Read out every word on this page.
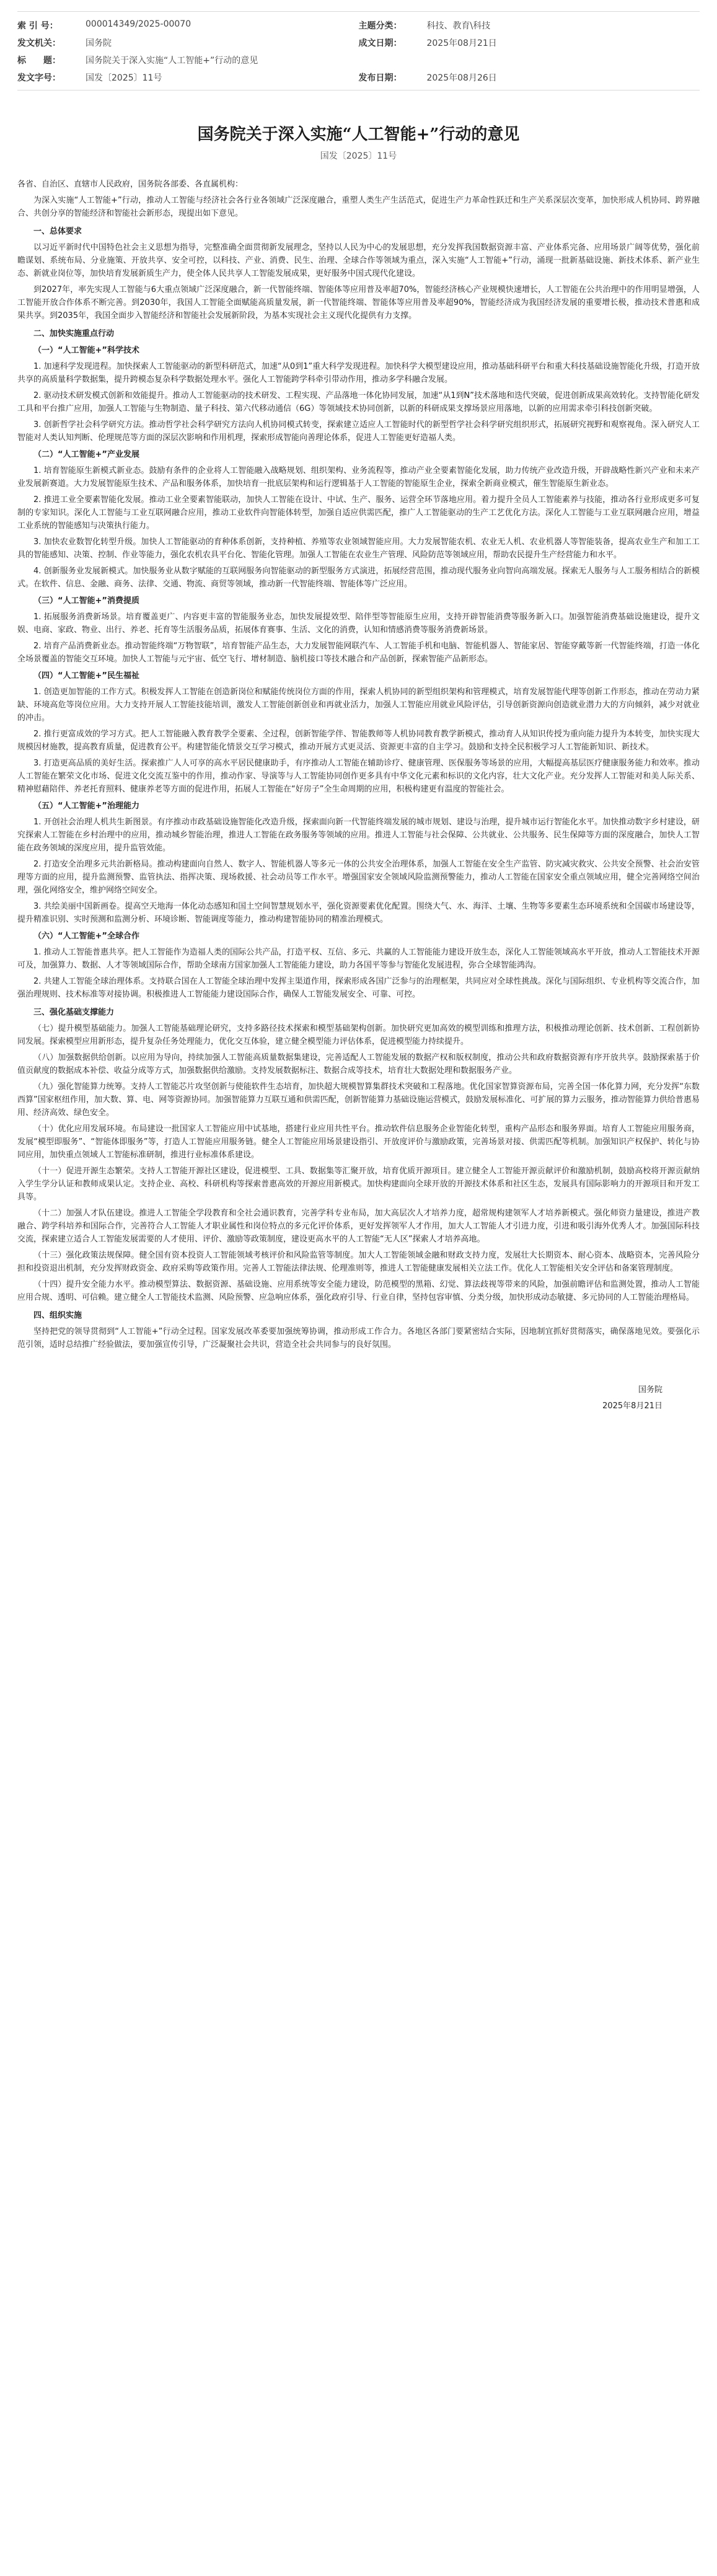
索 引 号：	000014349/2025-00070	主题分类：	科技、教育\科技
发文机关：	国务院	成文日期：	2025年08月21日
标　　题：	国务院关于深入实施“人工智能+”行动的意见
发文字号：	国发〔2025〕11号	发布日期：	2025年08月26日
国务院关于深入实施“人工智能+”行动的意见
国发〔2025〕11号

各省、自治区、直辖市人民政府，国务院各部委、各直属机构：

为深入实施“人工智能+”行动，推动人工智能与经济社会各行业各领域广泛深度融合，重塑人类生产生活范式，促进生产力革命性跃迁和生产关系深层次变革，加快形成人机协同、跨界融合、共创分享的智能经济和智能社会新形态，现提出如下意见。

一、总体要求

以习近平新时代中国特色社会主义思想为指导，完整准确全面贯彻新发展理念，坚持以人民为中心的发展思想，充分发挥我国数据资源丰富、产业体系完备、应用场景广阔等优势，强化前瞻谋划、系统布局、分业施策、开放共享、安全可控，以科技、产业、消费、民生、治理、全球合作等领域为重点，深入实施“人工智能+”行动，涌现一批新基础设施、新技术体系、新产业生态、新就业岗位等，加快培育发展新质生产力，使全体人民共享人工智能发展成果，更好服务中国式现代化建设。

到2027年，率先实现人工智能与6大重点领域广泛深度融合，新一代智能终端、智能体等应用普及率超70%，智能经济核心产业规模快速增长，人工智能在公共治理中的作用明显增强，人工智能开放合作体系不断完善。到2030年，我国人工智能全面赋能高质量发展，新一代智能终端、智能体等应用普及率超90%，智能经济成为我国经济发展的重要增长极，推动技术普惠和成果共享。到2035年，我国全面步入智能经济和智能社会发展新阶段，为基本实现社会主义现代化提供有力支撑。

二、加快实施重点行动

（一）“人工智能+”科学技术

1. 加速科学发现进程。加快探索人工智能驱动的新型科研范式，加速“从0到1”重大科学发现进程。加快科学大模型建设应用，推动基础科研平台和重大科技基础设施智能化升级，打造开放共享的高质量科学数据集，提升跨模态复杂科学数据处理水平。强化人工智能跨学科牵引带动作用，推动多学科融合发展。

2. 驱动技术研发模式创新和效能提升。推动人工智能驱动的技术研发、工程实现、产品落地一体化协同发展，加速“从1到N”技术落地和迭代突破，促进创新成果高效转化。支持智能化研发工具和平台推广应用，加强人工智能与生物制造、量子科技、第六代移动通信（6G）等领域技术协同创新，以新的科研成果支撑场景应用落地，以新的应用需求牵引科技创新突破。

3. 创新哲学社会科学研究方法。推动哲学社会科学研究方法向人机协同模式转变，探索建立适应人工智能时代的新型哲学社会科学研究组织形式，拓展研究视野和观察视角。深入研究人工智能对人类认知判断、伦理规范等方面的深层次影响和作用机理，探索形成智能向善理论体系，促进人工智能更好造福人类。

（二）“人工智能+”产业发展

1. 培育智能原生新模式新业态。鼓励有条件的企业将人工智能融入战略规划、组织架构、业务流程等，推动产业全要素智能化发展，助力传统产业改造升级，开辟战略性新兴产业和未来产业发展新赛道。大力发展智能原生技术、产品和服务体系，加快培育一批底层架构和运行逻辑基于人工智能的智能原生企业，探索全新商业模式，催生智能原生新业态。

2. 推进工业全要素智能化发展。推动工业全要素智能联动，加快人工智能在设计、中试、生产、服务、运营全环节落地应用。着力提升全员人工智能素养与技能，推动各行业形成更多可复制的专家知识。深化人工智能与工业互联网融合应用，推动工业软件向智能体转型，加强自适应供需匹配，推广人工智能驱动的生产工艺优化方法。深化人工智能与工业互联网融合应用，增益工业系统的智能感知与决策执行能力。

3. 加快农业数智化转型升级。加快人工智能驱动的育种体系创新，支持种植、养殖等农业领域智能应用。大力发展智能农机、农业无人机、农业机器人等智能装备，提高农业生产和加工工具的智能感知、决策、控制、作业等能力，强化农机农具平台化、智能化管理。加强人工智能在农业生产管理、风险防范等领域应用，帮助农民提升生产经营能力和水平。

4. 创新服务业发展新模式。加快服务业从数字赋能的互联网服务向智能驱动的新型服务方式演进，拓展经营范围，推动现代服务业向智向高端发展。探索无人服务与人工服务相结合的新模式。在软件、信息、金融、商务、法律、交通、物流、商贸等领域，推动新一代智能终端、智能体等广泛应用。

（三）“人工智能+”消费提质

1. 拓展服务消费新场景。培育覆盖更广、内容更丰富的智能服务业态，加快发展提效型、陪伴型等智能原生应用，支持开辟智能消费等服务新入口。加强智能消费基础设施建设，提升文娱、电商、家政、物业、出行、养老、托育等生活服务品质，拓展体育赛事、生活、文化的消费，认知和情感消费等服务消费新场景。

2. 培育产品消费新业态。推动智能终端“万物智联”，培育智能产品生态，大力发展智能网联汽车、人工智能手机和电脑、智能机器人、智能家居、智能穿戴等新一代智能终端，打造一体化全场景覆盖的智能交互环境。加快人工智能与元宇宙、低空飞行、增材制造、脑机接口等技术融合和产品创新，探索智能产品新形态。

（四）“人工智能+”民生福祉

1. 创造更加智能的工作方式。积极发挥人工智能在创造新岗位和赋能传统岗位方面的作用，探索人机协同的新型组织架构和管理模式，培育发展智能代理等创新工作形态，推动在劳动力紧缺、环境高危等岗位应用。大力支持开展人工智能技能培训，激发人工智能创新创业和再就业活力，加强人工智能应用就业风险评估，引导创新资源向创造就业潜力大的方向倾斜，减少对就业的冲击。

2. 推行更富成效的学习方式。把人工智能融入教育教学全要素、全过程，创新智能学伴、智能教师等人机协同教育教学新模式，推动育人从知识传授为重向能力提升为本转变，加快实现大规模因材施教，提高教育质量，促进教育公平。构建智能化情景交互学习模式，推动开展方式更灵活、资源更丰富的自主学习。鼓励和支持全民积极学习人工智能新知识、新技术。

3. 打造更高品质的美好生活。探索推广人人可享的高水平居民健康助手，有序推动人工智能在辅助诊疗、健康管理、医保服务等场景的应用，大幅提高基层医疗健康服务能力和效率。推动人工智能在繁荣文化市场、促进文化交流互鉴中的作用，推动作家、导演等与人工智能协同创作更多具有中华文化元素和标识的文化内容，壮大文化产业。充分发挥人工智能对和美人际关系、精神慰藉陪伴、养老托育照料、健康养老等方面的促进作用，拓展人工智能在“好房子”全生命周期的应用，积极构建更有温度的智能社会。

（五）“人工智能+”治理能力

1. 开创社会治理人机共生新图景。有序推动市政基础设施智能化改造升级，探索面向新一代智能终端发展的城市规划、建设与治理，提升城市运行智能化水平。加快推动数字乡村建设，研究探索人工智能在乡村治理中的应用，推动城乡智能治理，推进人工智能在政务服务等领域的应用。推进人工智能与社会保障、公共就业、公共服务、民生保障等方面的深度融合，加快人工智能在政务领域的深度应用，提升监管效能。

2. 打造安全治理多元共治新格局。推动构建面向自然人、数字人、智能机器人等多元一体的公共安全治理体系，加强人工智能在安全生产监管、防灾减灾救灾、公共安全预警、社会治安管理等方面的应用，提升监测预警、监管执法、指挥决策、现场救援、社会动员等工作水平。增强国家安全领域风险监测预警能力，推动人工智能在国家安全重点领域应用，健全完善网络空间治理，强化网络安全，维护网络空间安全。

3. 共绘美丽中国新画卷。提高空天地海一体化动态感知和国土空间智慧规划水平，强化资源要素优化配置。围绕大气、水、海洋、土壤、生物等多要素生态环境系统和全国碳市场建设等，提升精准识别、实时预测和监测分析、环境诊断、智能调度等能力，推动构建智能协同的精准治理模式。

（六）“人工智能+”全球合作

1. 推动人工智能普惠共享。把人工智能作为造福人类的国际公共产品，打造平权、互信、多元、共赢的人工智能能力建设开放生态，深化人工智能领域高水平开放，推动人工智能技术开源可及，加强算力、数据、人才等领域国际合作，帮助全球南方国家加强人工智能能力建设，助力各国平等参与智能化发展进程，弥合全球智能鸿沟。

2. 共建人工智能全球治理体系。支持联合国在人工智能全球治理中发挥主渠道作用，探索形成各国广泛参与的治理框架，共同应对全球性挑战。深化与国际组织、专业机构等交流合作，加强治理规则、技术标准等对接协调。积极推进人工智能能力建设国际合作，确保人工智能发展安全、可靠、可控。

三、强化基础支撑能力

（七）提升模型基础能力。加强人工智能基础理论研究，支持多路径技术探索和模型基础架构创新。加快研究更加高效的模型训练和推理方法，积极推动理论创新、技术创新、工程创新协同发展。探索模型应用新形态，提升复杂任务处理能力，优化交互体验，建立健全模型能力评估体系，促进模型能力持续提升。

（八）加强数据供给创新。以应用为导向，持续加强人工智能高质量数据集建设，完善适配人工智能发展的数据产权和版权制度，推动公共和政府数据资源有序开放共享。鼓励探索基于价值贡献度的数据成本补偿、收益分成等方式，加强数据供给激励。支持发展数据标注、数据合成等技术，培育壮大数据处理和数据服务产业。

（九）强化智能算力统筹。支持人工智能芯片攻坚创新与使能软件生态培育，加快超大规模智算集群技术突破和工程落地。优化国家智算资源布局，完善全国一体化算力网，充分发挥“东数西算”国家枢纽作用，加大数、算、电、网等资源协同。加强智能算力互联互通和供需匹配，创新智能算力基础设施运营模式，鼓励发展标准化、可扩展的算力云服务，推动智能算力供给普惠易用、经济高效、绿色安全。

（十）优化应用发展环境。布局建设一批国家人工智能应用中试基地，搭建行业应用共性平台。推动软件信息服务企业智能化转型，重构产品形态和服务界面。培育人工智能应用服务商，发展“模型即服务”、“智能体即服务”等，打造人工智能应用服务链。健全人工智能应用场景建设指引、开放度评价与激励政策，完善场景对接、供需匹配等机制。加强知识产权保护、转化与协同应用，加快重点领域人工智能标准研制，推进行业标准体系建设。

（十一）促进开源生态繁荣。支持人工智能开源社区建设，促进模型、工具、数据集等汇聚开放，培育优质开源项目。建立健全人工智能开源贡献评价和激励机制，鼓励高校将开源贡献纳入学生学分认证和教师成果认定。支持企业、高校、科研机构等探索普惠高效的开源应用新模式。加快构建面向全球开放的开源技术体系和社区生态，发展具有国际影响力的开源项目和开发工具等。

（十二）加强人才队伍建设。推进人工智能全学段教育和全社会通识教育，完善学科专业布局，加大高层次人才培养力度，超常规构建领军人才培养新模式。强化师资力量建设，推进产教融合、跨学科培养和国际合作，完善符合人工智能人才职业属性和岗位特点的多元化评价体系，更好发挥领军人才作用，加大人工智能人才引进力度，引进和吸引海外优秀人才。加强国际科技交流，探索建立适合人工智能发展需要的人才使用、评价、激励等政策制度，建设更高水平的人工智能“无人区”探索人才培养高地。

（十三）强化政策法规保障。健全国有资本投资人工智能领域考核评价和风险监管等制度。加大人工智能领域金融和财政支持力度，发展壮大长期资本、耐心资本、战略资本，完善风险分担和投资退出机制，充分发挥财政资金、政府采购等政策作用。完善人工智能法律法规、伦理准则等，推进人工智能健康发展相关立法工作。优化人工智能相关安全评估和备案管理制度。

（十四）提升安全能力水平。推动模型算法、数据资源、基础设施、应用系统等安全能力建设，防范模型的黑箱、幻觉、算法歧视等带来的风险，加强前瞻评估和监测处置，推动人工智能应用合规、透明、可信赖。建立健全人工智能技术监测、风险预警、应急响应体系，强化政府引导、行业自律，坚持包容审慎、分类分级，加快形成动态敏捷、多元协同的人工智能治理格局。

四、组织实施

坚持把党的领导贯彻到“人工智能+”行动全过程。国家发展改革委要加强统筹协调，推动形成工作合力。各地区各部门要紧密结合实际，因地制宜抓好贯彻落实，确保落地见效。要强化示范引领，适时总结推广经验做法，要加强宣传引导，广泛凝聚社会共识，营造全社会共同参与的良好氛围。

国务院
2025年8月21日
